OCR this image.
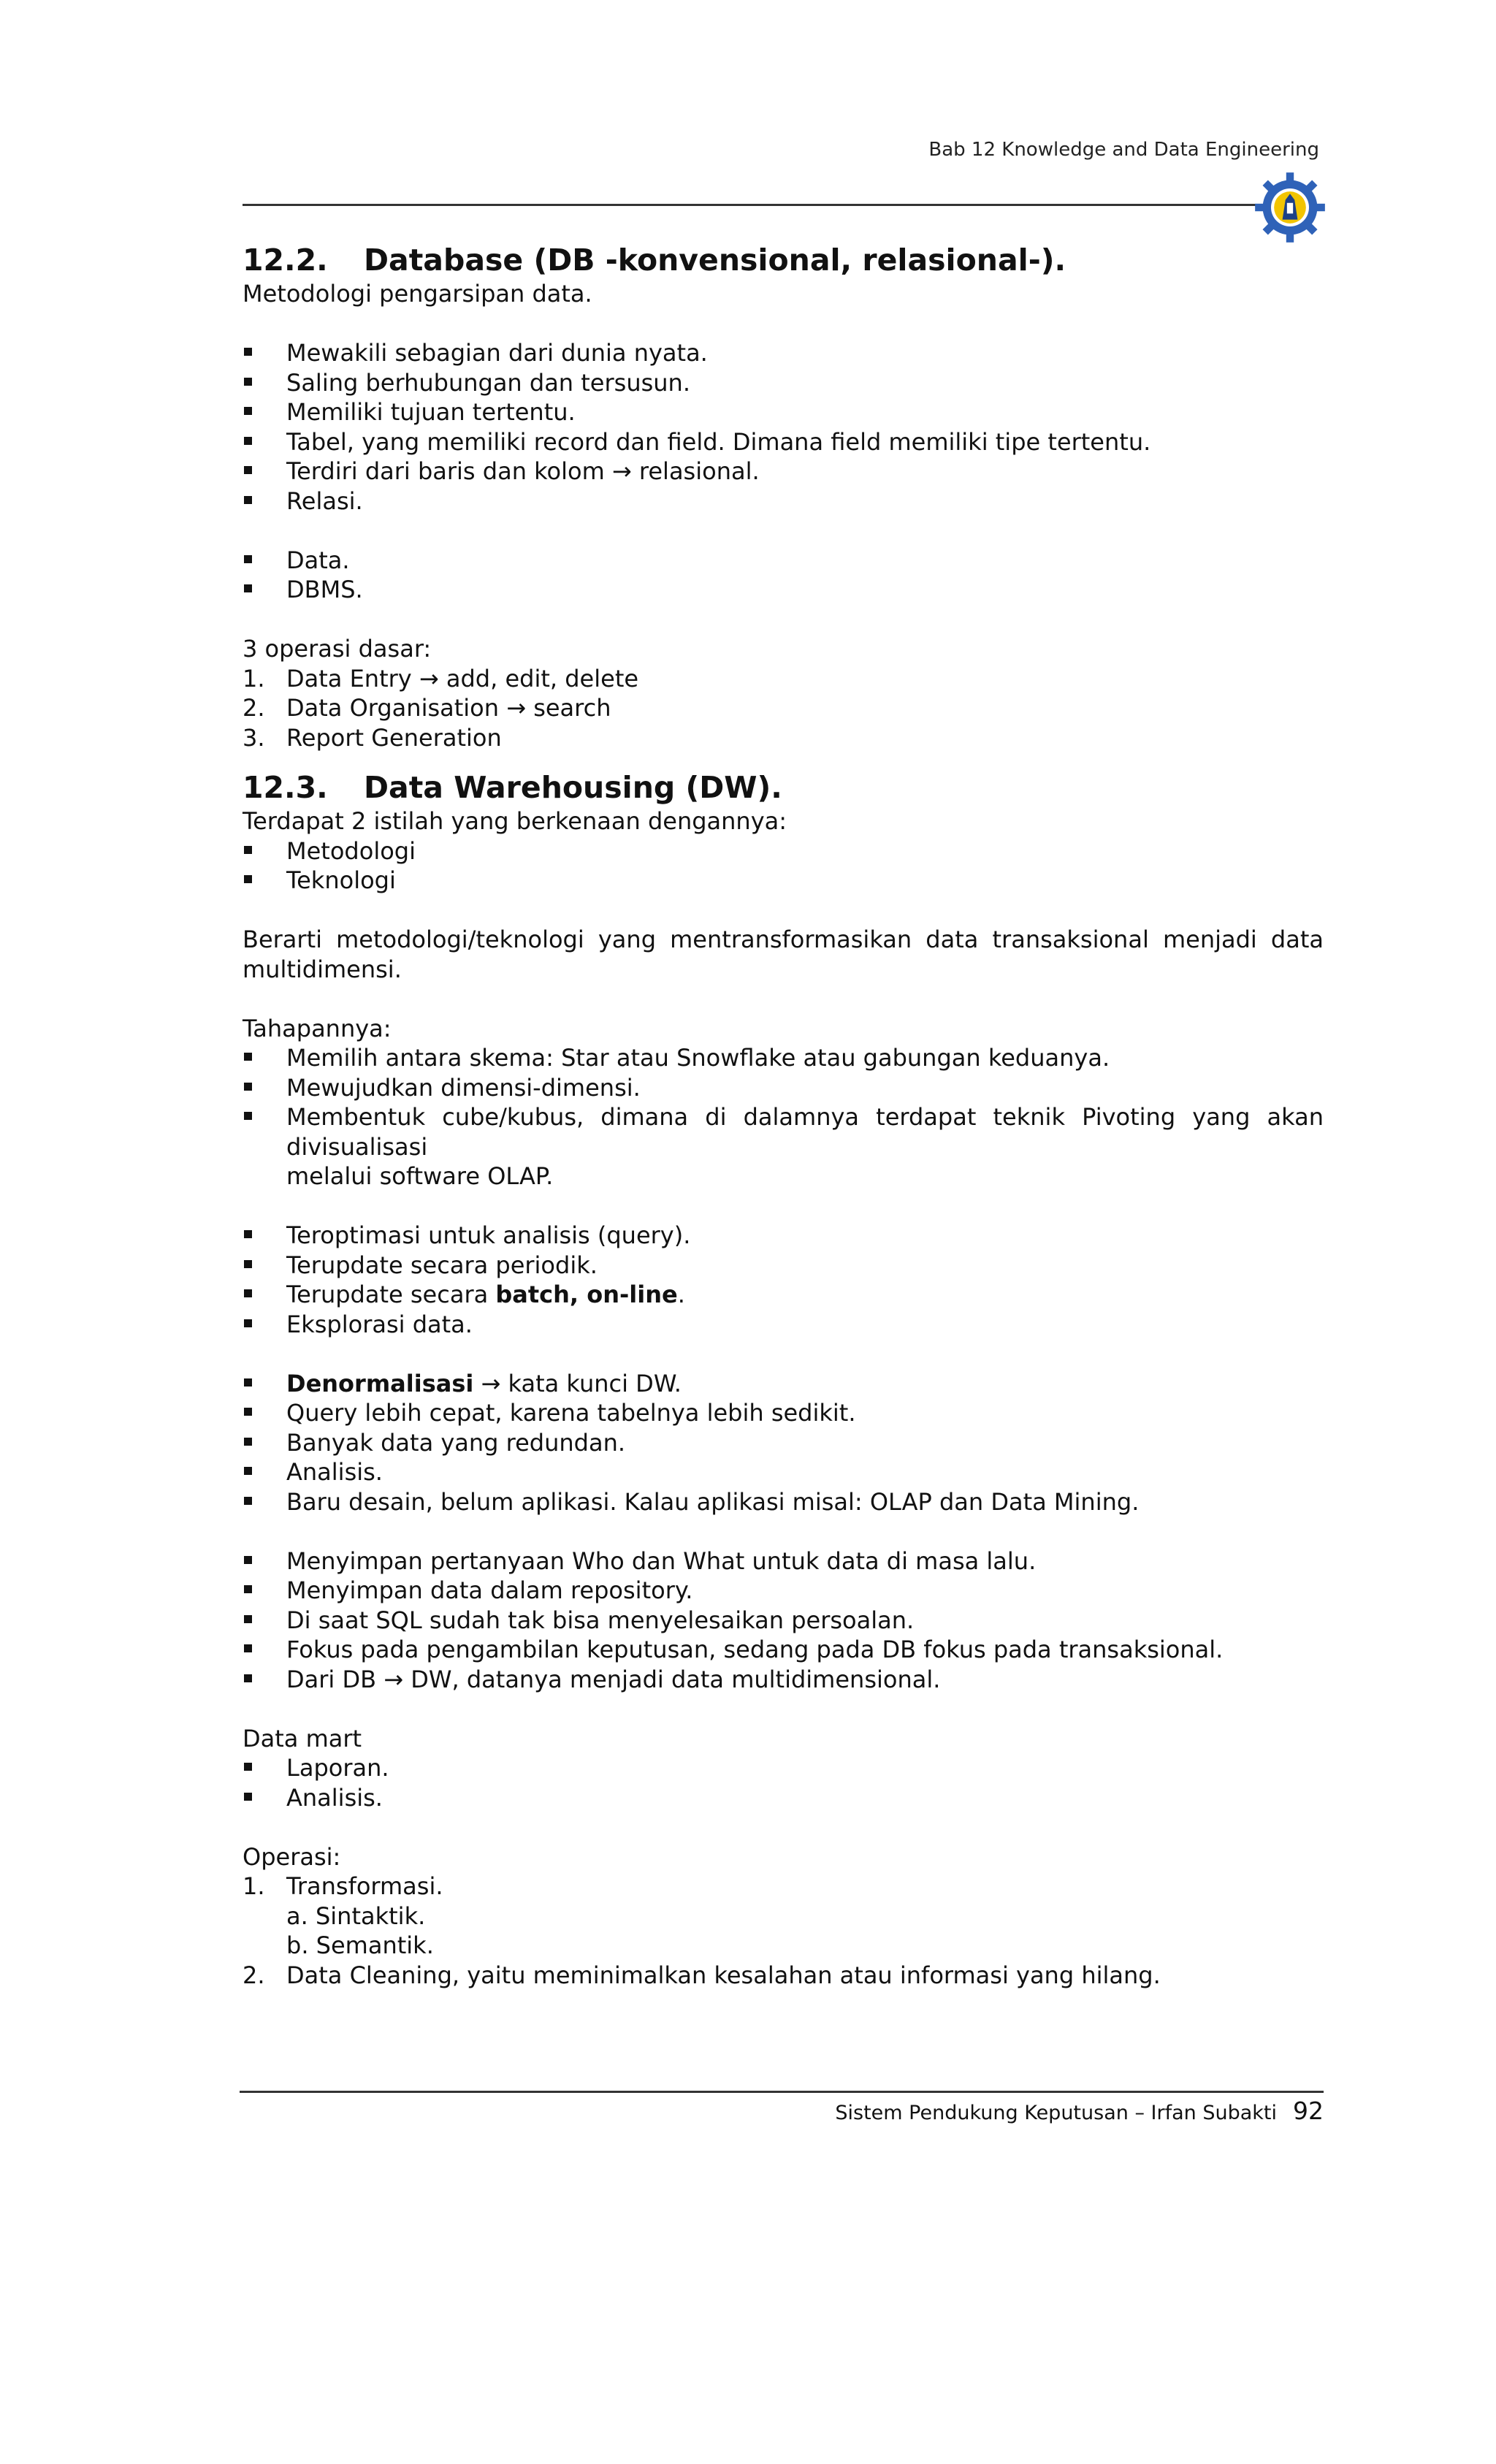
Bab 12 Knowledge and Data Engineering
12.2.	Database (DB -konvensional, relasional-).

Metodologi pengarsipan data.

Mewakili sebagian dari dunia nyata.
Saling berhubungan dan tersusun.
Memiliki tujuan tertentu.
Tabel, yang memiliki record dan field. Dimana field memiliki tipe tertentu.
Terdiri dari baris dan kolom → relasional.
Relasi.
Data.
DBMS.

3 operasi dasar:

1. Data Entry → add, edit, delete
2. Data Organisation → search
3. Report Generation
12.3.	Data Warehousing (DW).

Terdapat 2 istilah yang berkenaan dengannya:

Metodologi
Teknologi

Berarti metodologi/teknologi yang mentransformasikan data transaksional menjadi data

multidimensi.

Tahapannya:

Memilih antara skema: Star atau Snowflake atau gabungan keduanya.
Mewujudkan dimensi-dimensi.
Membentuk cube/kubus, dimana di dalamnya terdapat teknik Pivoting yang akan divisualisasi
melalui software OLAP.
Teroptimasi untuk analisis (query).
Terupdate secara periodik.
Terupdate secara batch, on-line.
Eksplorasi data.
Denormalisasi → kata kunci DW.
Query lebih cepat, karena tabelnya lebih sedikit.
Banyak data yang redundan.
Analisis.
Baru desain, belum aplikasi. Kalau aplikasi misal: OLAP dan Data Mining.
Menyimpan pertanyaan Who dan What untuk data di masa lalu.
Menyimpan data dalam repository.
Di saat SQL sudah tak bisa menyelesaikan persoalan.
Fokus pada pengambilan keputusan, sedang pada DB fokus pada transaksional.
Dari DB → DW, datanya menjadi data multidimensional.

Data mart

Laporan.
Analisis.

Operasi:

1. Transformasi.
a. Sintaktik.
b. Semantik.
2. Data Cleaning, yaitu meminimalkan kesalahan atau informasi yang hilang.
Sistem Pendukung Keputusan – Irfan Subakti 92
